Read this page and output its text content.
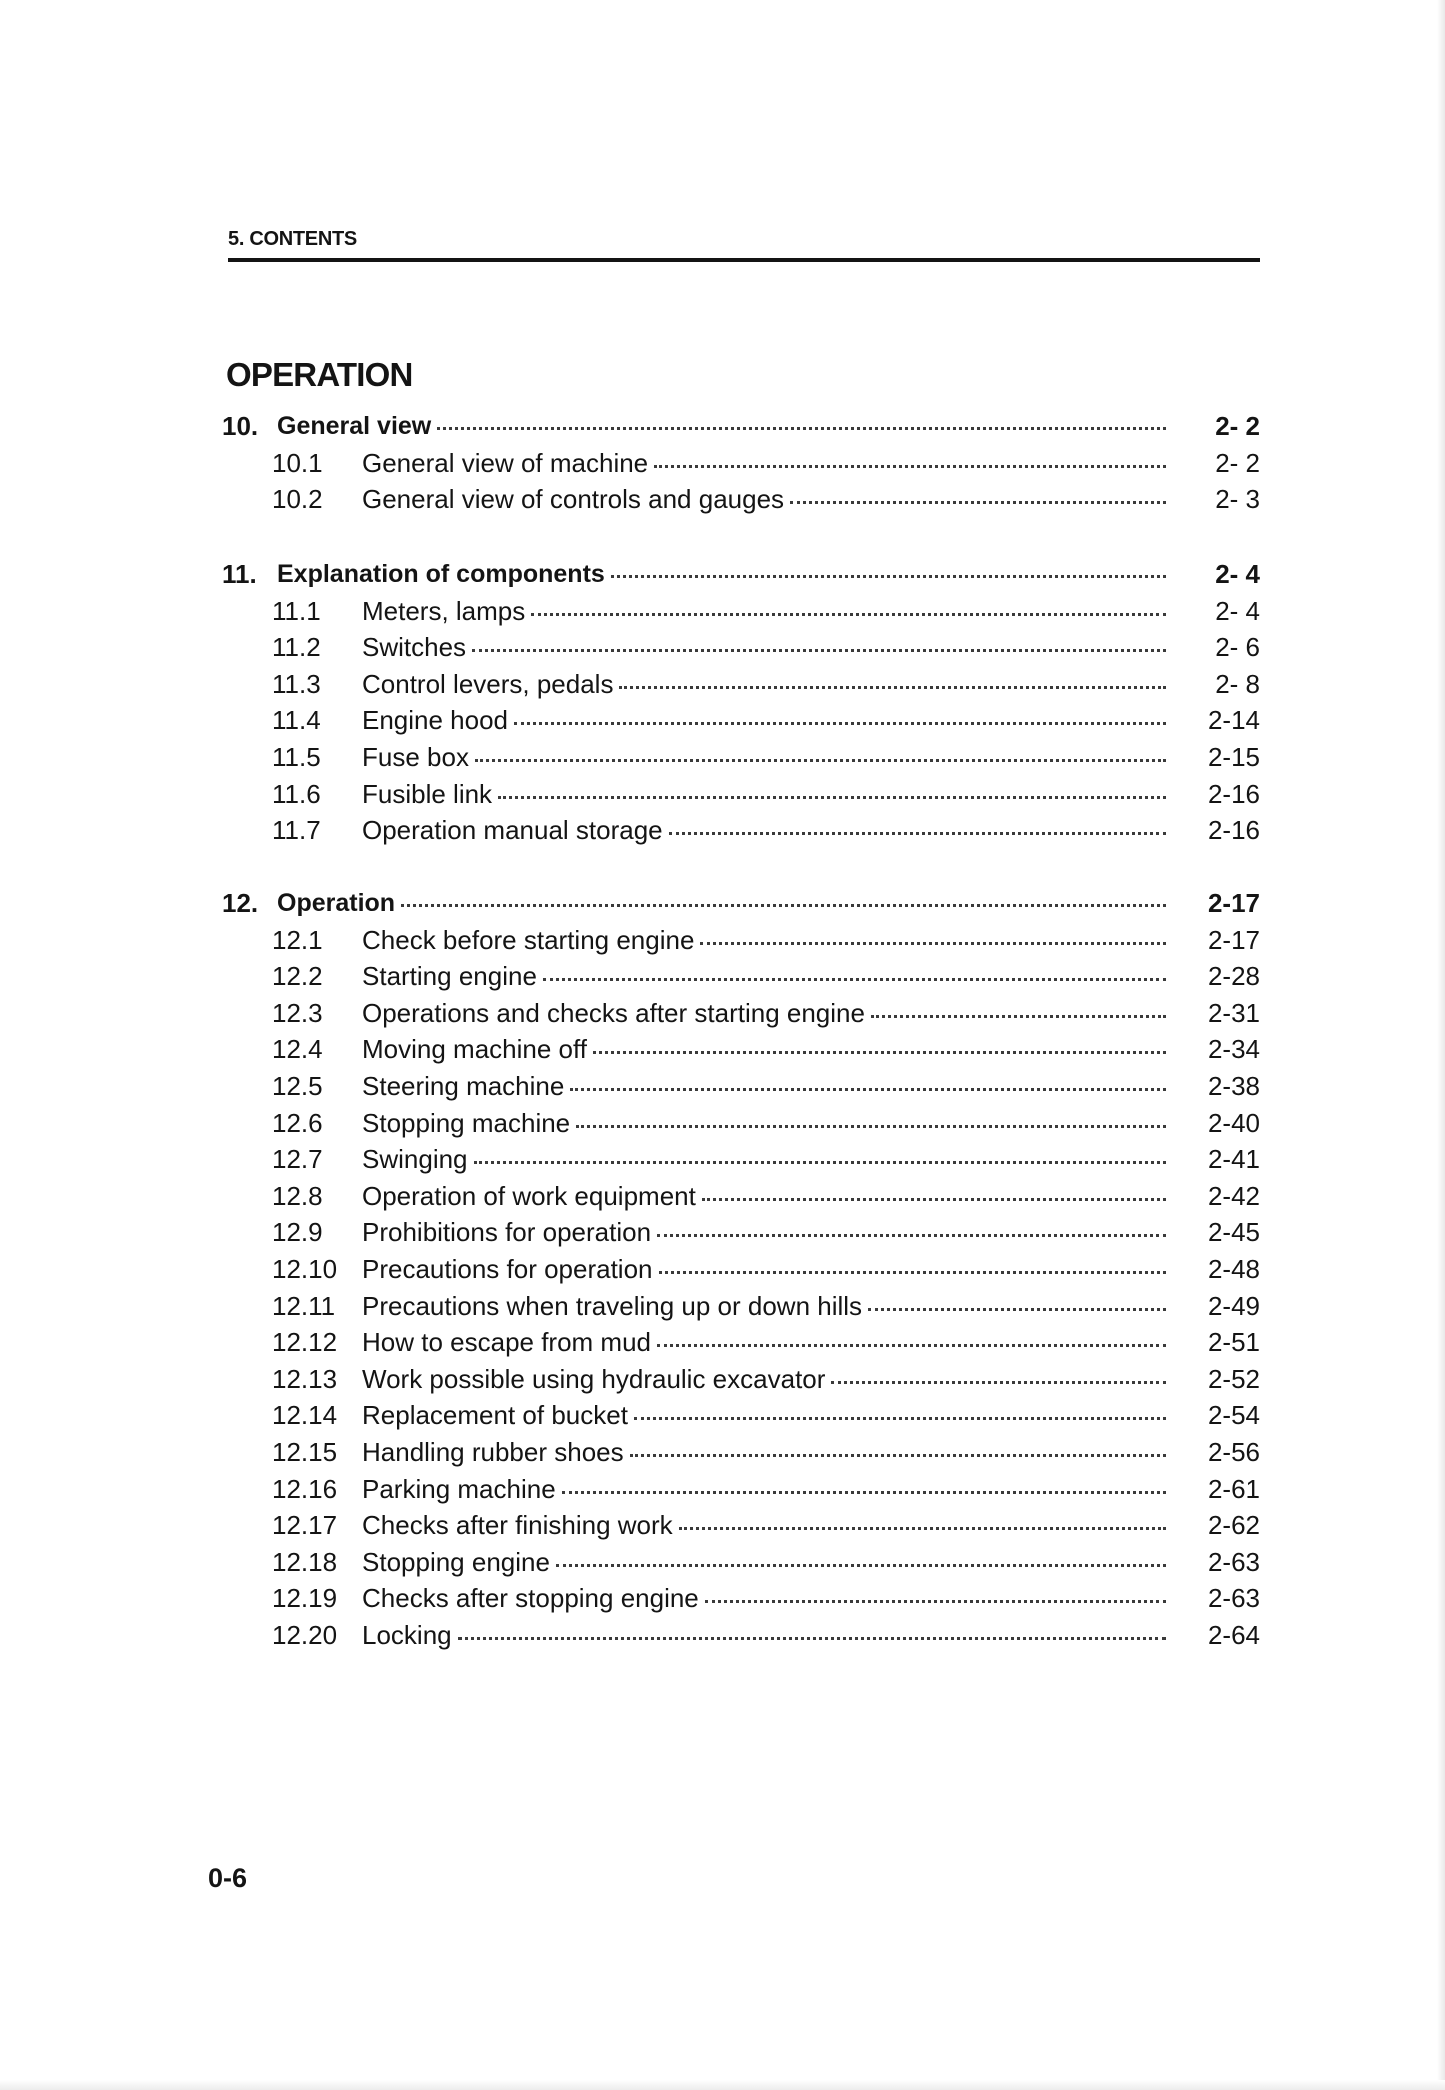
5. CONTENTS
OPERATION
10. General view	2- 2
10.1 General view of machine	2- 2
10.2 General view of controls and gauges	2- 3
11. Explanation of components	2- 4
11.1 Meters, lamps	2- 4
11.2 Switches	2- 6
11.3 Control levers, pedals	2- 8
11.4 Engine hood	2-14
11.5 Fuse box	2-15
11.6 Fusible link	2-16
11.7 Operation manual storage	2-16
12. Operation	2-17
12.1 Check before starting engine	2-17
12.2 Starting engine	2-28
12.3 Operations and checks after starting engine	2-31
12.4 Moving machine off	2-34
12.5 Steering machine	2-38
12.6 Stopping machine	2-40
12.7 Swinging	2-41
12.8 Operation of work equipment	2-42
12.9 Prohibitions for operation	2-45
12.10 Precautions for operation	2-48
12.11 Precautions when traveling up or down hills	2-49
12.12 How to escape from mud	2-51
12.13 Work possible using hydraulic excavator	2-52
12.14 Replacement of bucket	2-54
12.15 Handling rubber shoes	2-56
12.16 Parking machine	2-61
12.17 Checks after finishing work	2-62
12.18 Stopping engine	2-63
12.19 Checks after stopping engine	2-63
12.20 Locking	2-64
0-6
